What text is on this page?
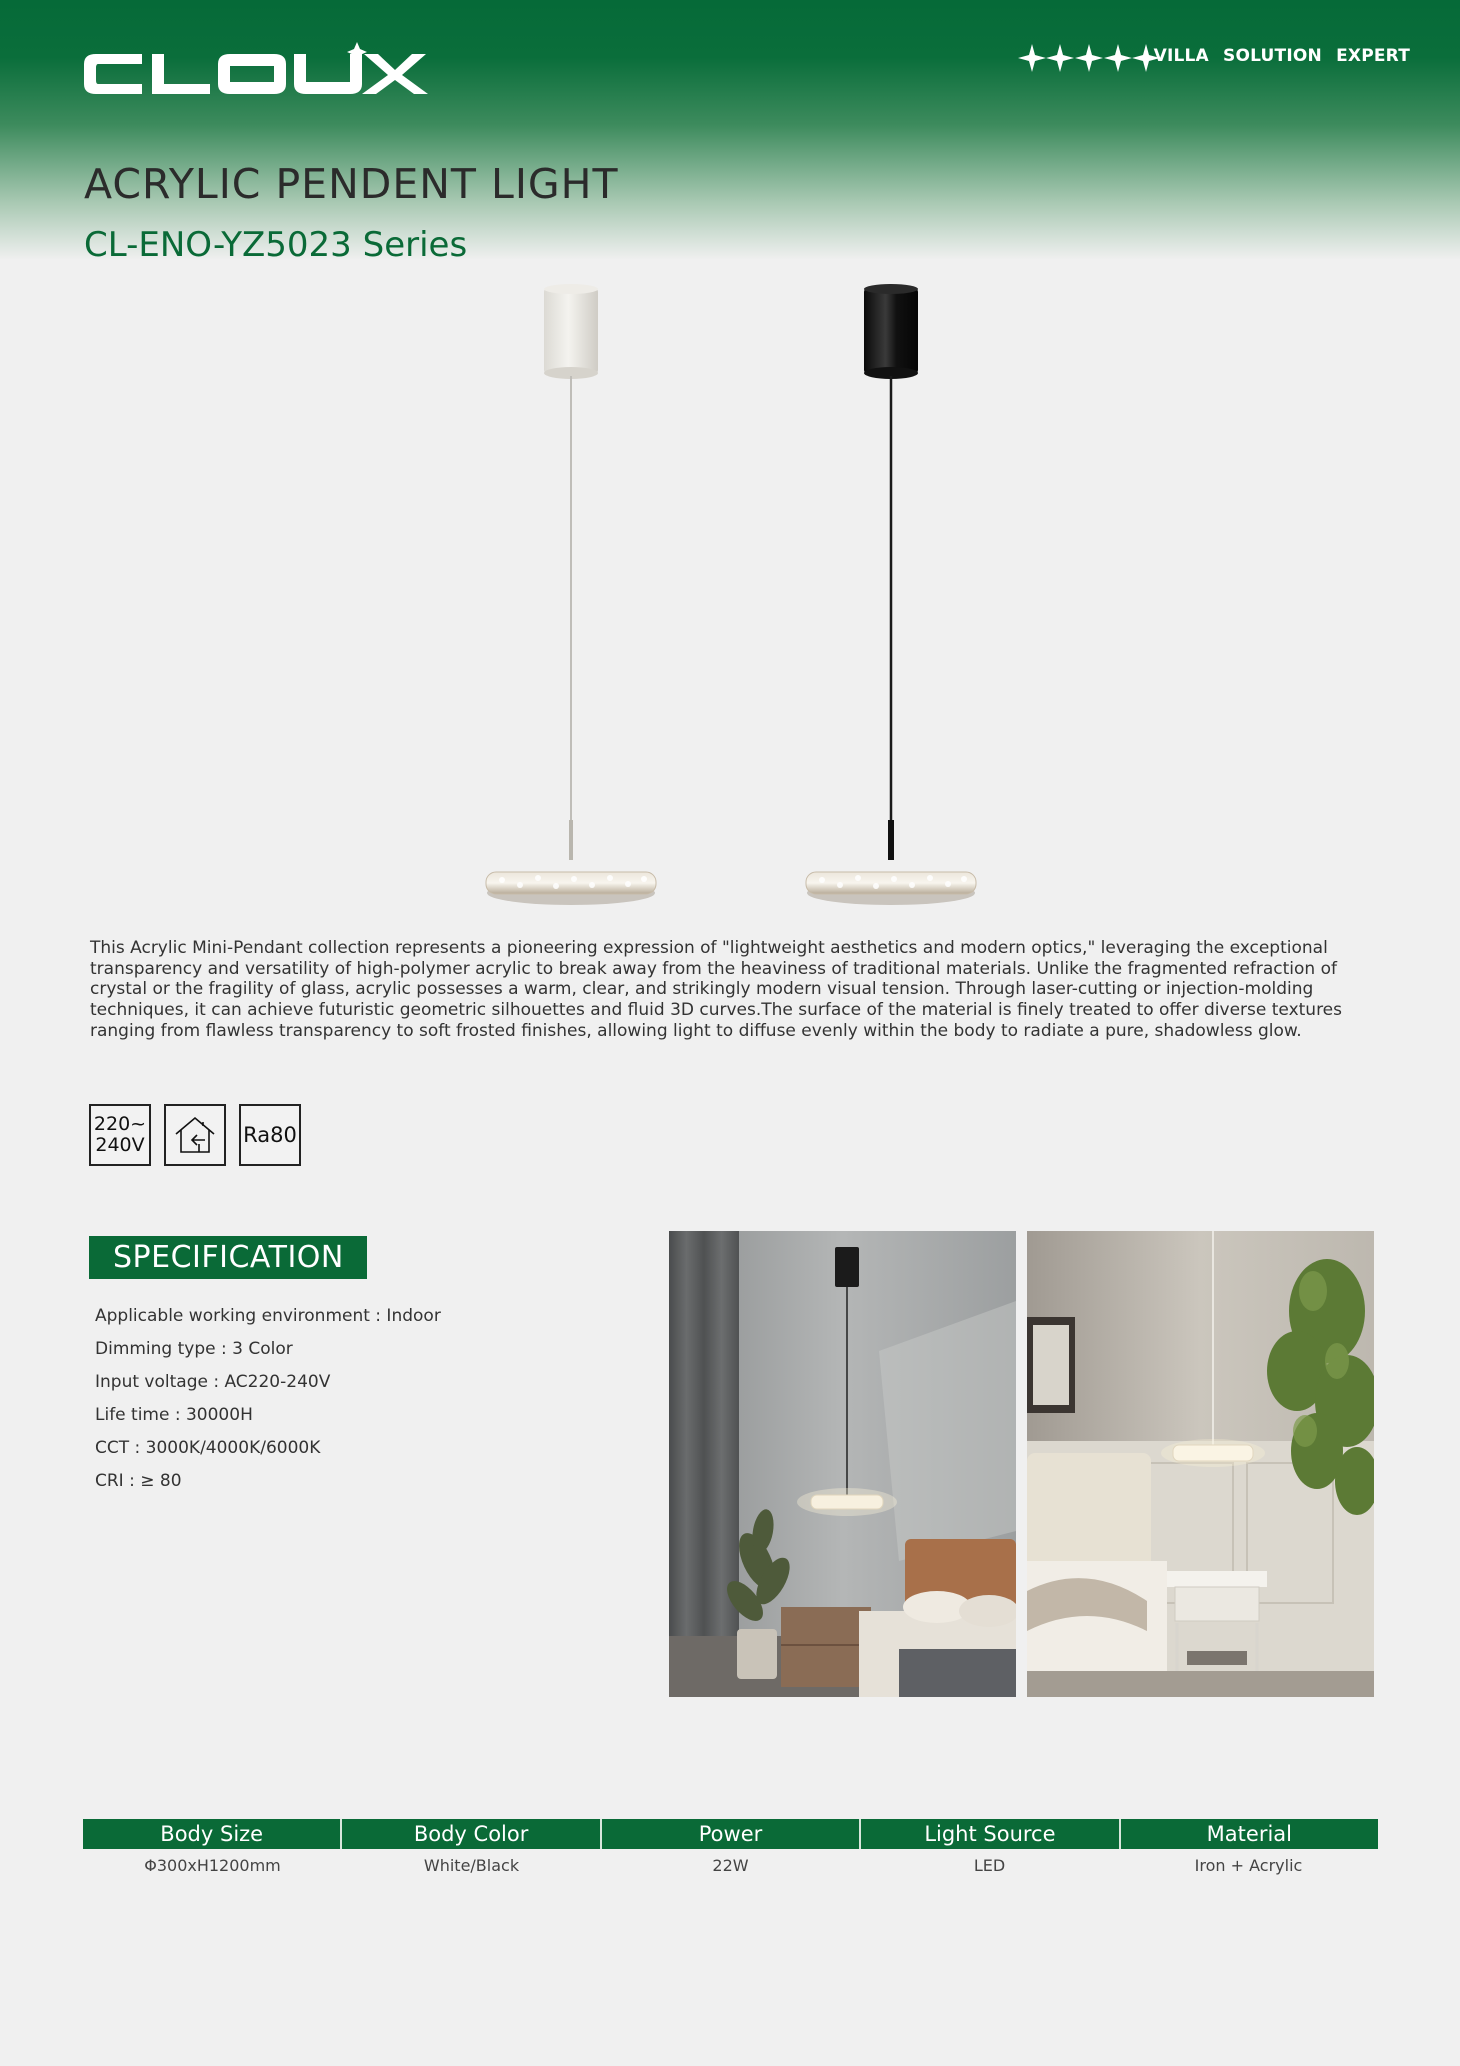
VILLA SOLUTION EXPERT
ACRYLIC PENDENT LIGHT
CL-ENO-YZ5023 Series

This Acrylic Mini-Pendant collection represents a pioneering expression of "lightweight aesthetics and modern optics," leveraging the exceptional transparency and versatility of high-polymer acrylic to break away from the heaviness of traditional materials. Unlike the fragmented refraction of crystal or the fragility of glass, acrylic possesses a warm, clear, and strikingly modern visual tension. Through laser-cutting or injection-molding techniques, it can achieve futuristic geometric silhouettes and fluid 3D curves.The surface of the material is finely treated to offer diverse textures ranging from flawless transparency to soft frosted finishes, allowing light to diffuse evenly within the body to radiate a pure, shadowless glow.

220~
240V	Ra80
SPECIFICATION
Applicable working environment : Indoor
Dimming type : 3 Color
Input voltage : AC220-240V
Life time : 30000H
CCT : 3000K/4000K/6000K
CRI : ≥ 80
Body Size	Body Color	Power	Light Source	Material
Φ300xH1200mm	White/Black	22W	LED	Iron + Acrylic
